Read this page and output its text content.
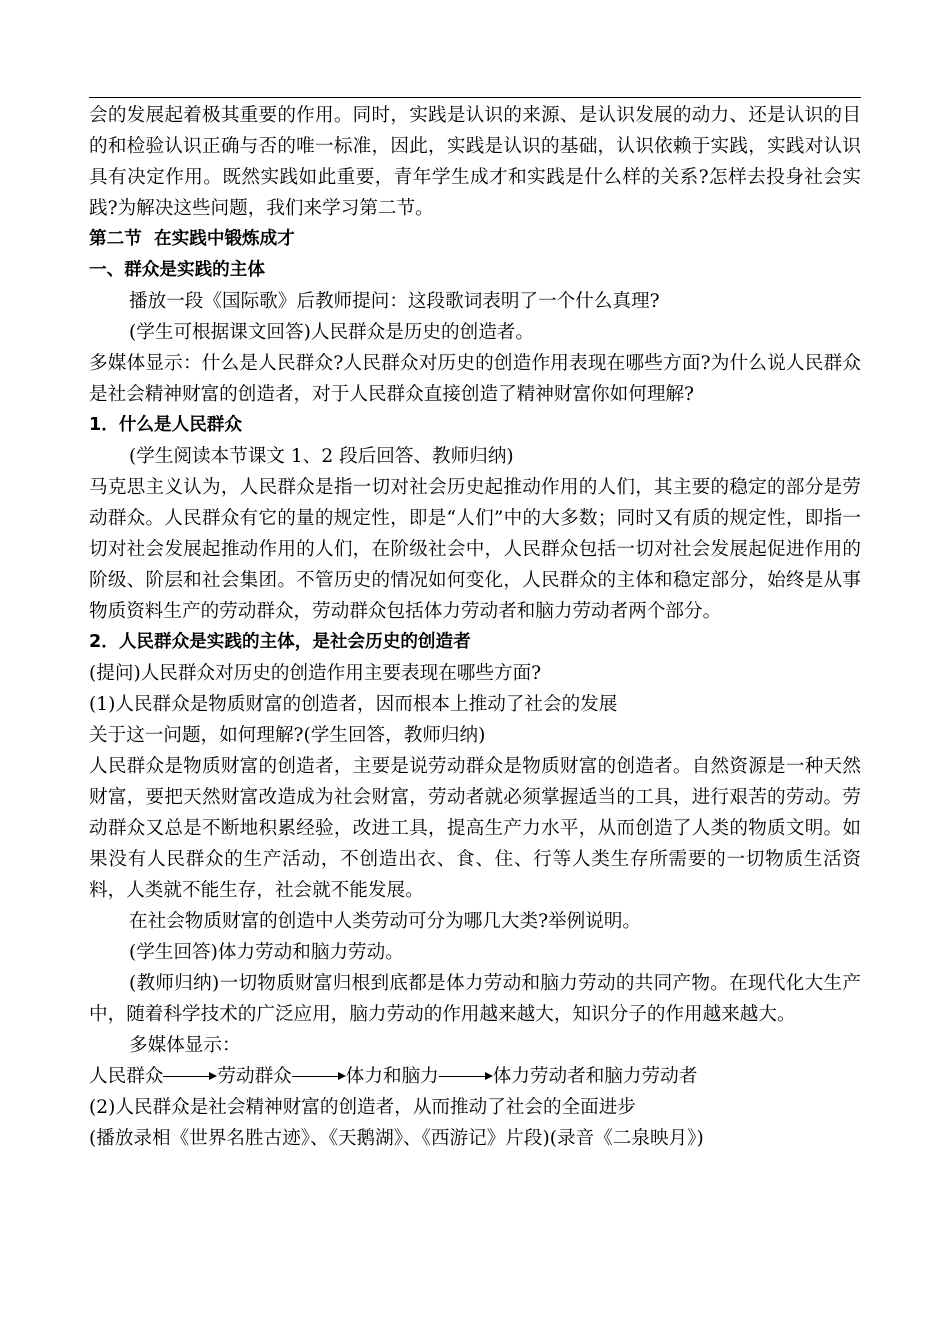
会的发展起着极其重要的作用。同时，实践是认识的来源、是认识发展的动力、还是认识的目的和检验认识正确与否的唯一标准，因此，实践是认识的基础，认识依赖于实践，实践对认识具有决定作用。既然实践如此重要，青年学生成才和实践是什么样的关系?怎样去投身社会实践?为解决这些问题，我们来学习第二节。

第二节  在实践中锻炼成才

一、群众是实践的主体

播放一段《国际歌》后教师提问：这段歌词表明了一个什么真理?

(学生可根据课文回答)人民群众是历史的创造者。

多媒体显示：什么是人民群众?人民群众对历史的创造作用表现在哪些方面?为什么说人民群众是社会精神财富的创造者，对于人民群众直接创造了精神财富你如何理解?

1．什么是人民群众

(学生阅读本节课文 1、2 段后回答、教师归纳)

马克思主义认为，人民群众是指一切对社会历史起推动作用的人们，其主要的稳定的部分是劳动群众。人民群众有它的量的规定性，即是“人们”中的大多数；同时又有质的规定性，即指一切对社会发展起推动作用的人们，在阶级社会中，人民群众包括一切对社会发展起促进作用的阶级、阶层和社会集团。不管历史的情况如何变化，人民群众的主体和稳定部分，始终是从事物质资料生产的劳动群众，劳动群众包括体力劳动者和脑力劳动者两个部分。

2．人民群众是实践的主体，是社会历史的创造者

(提问)人民群众对历史的创造作用主要表现在哪些方面?

(1)人民群众是物质财富的创造者，因而根本上推动了社会的发展

关于这一问题，如何理解?(学生回答，教师归纳)

人民群众是物质财富的创造者，主要是说劳动群众是物质财富的创造者。自然资源是一种天然财富，要把天然财富改造成为社会财富，劳动者就必须掌握适当的工具，进行艰苦的劳动。劳动群众又总是不断地积累经验，改进工具，提高生产力水平，从而创造了人类的物质文明。如果没有人民群众的生产活动，不创造出衣、食、住、行等人类生存所需要的一切物质生活资料，人类就不能生存，社会就不能发展。

在社会物质财富的创造中人类劳动可分为哪几大类?举例说明。

(学生回答)体力劳动和脑力劳动。

(教师归纳)一切物质财富归根到底都是体力劳动和脑力劳动的共同产物。在现代化大生产中，随着科学技术的广泛应用，脑力劳动的作用越来越大，知识分子的作用越来越大。

多媒体显示：

人民群众	劳动群众	体力和脑力	体力劳动者和脑力劳动者

(2)人民群众是社会精神财富的创造者，从而推动了社会的全面进步

(播放录相《世界名胜古迹》、《天鹅湖》、《西游记》片段)(录音《二泉映月》)
